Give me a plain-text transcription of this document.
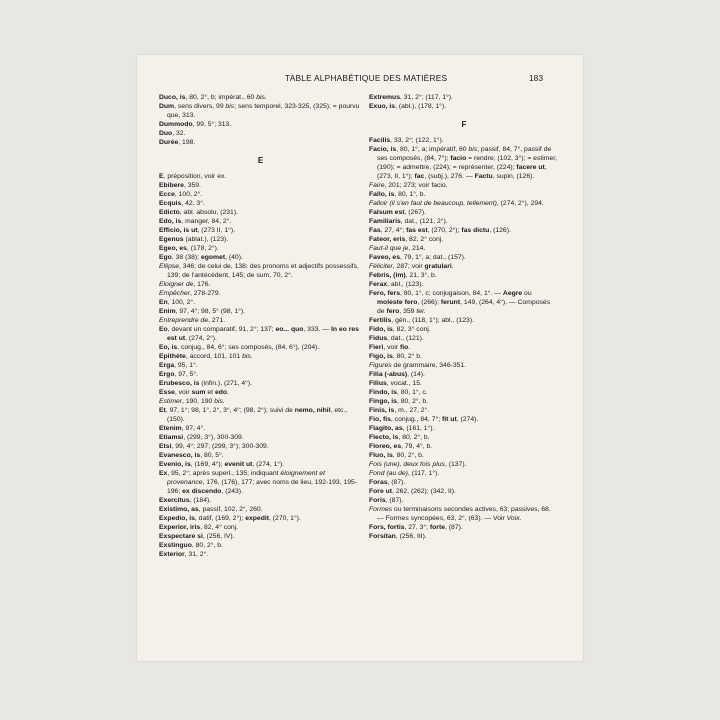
TABLE ALPHABÉTIQUE DES MATIÈRES	183
Duco, is, 80, 2°, b; impérat., 60 bis.
Dum, sens divers, 99 bis; sens temporel, 323-325, (325); = pourvu que, 313.
Dummodo, 99, 5°; 313.
Duo, 32.
Durée, 198.
E
E, préposition, voir ex.
Ebibere, 359.
Ecce, 100, 2°.
Ecquis, 42, 3°.
Edicto, abl. absolu, (231).
Edo, is, manger, 84, 2°.
Efficio, is ut, (273 II, 1°).
Egenus (ablat.), (123).
Egeo, es, (178, 2°).
Ego, 38 (38); egomet, (40).
Ellipse, 346; de celui de, 138; des pronoms et adjectifs possessifs, 139; de l'antécédent, 145; de sum, 70, 2°.
Eloigner de, 176.
Empêcher, 278-279.
En, 100, 2°.
Enim, 97, 4°; 98, 5° (98, 1°).
Entreprendre de, 271.
Eo, devant un comparatif, 91, 2°; 137; eo... quo, 333. — In eo res est ut, (274, 2°).
Eo, is, conjug., 84, 6°; ses composés, (84, 6°), (204).
Epithète, accord, 101, 101 bis.
Erga, 95, 1°.
Ergo, 97, 5°.
Erubesco, is (infin.), (271, 4°).
Esse, voir sum et edo.
Estimer, 190, 190 bis.
Et, 97, 1°; 98, 1°, 2°, 3°, 4°; (98, 2°); suivi de nemo, nihil, etc., (150).
Etenim, 97, 4°.
Etiamsi, (299, 3°), 300-309.
Etsi, 99, 4°; 297; (299, 3°); 300-309.
Evanesco, is, 80, 5°.
Evenio, is, (169, 4°); evenit ut, (274, 1°).
Ex, 95, 2°; après superl., 135; indiquant éloignement et provenance, 176, (176), 177; avec noms de lieu, 192-193, 195-196; ex discendo, (243).
Exercitus, (184).
Existimo, as, passif, 102, 2°, 260.
Expedio, is, datif, (169, 2°); expedit, (270, 1°).
Experior, iris, 82, 4° conj.
Exspectare si, (256, IV).
Exstinguo, 80, 2°, b.
Exterior, 31, 2°.
Extremus, 31, 2°; (117, 1°).
Exuo, is, (abl.), (178, 1°).
F
Facilis, 33, 2°; (122, 1°).
Facio, is, 80, 1°, a; impératif, 60 bis; passif, 84, 7°, passif de ses composés, (84, 7°); facio = rendre; (102, 3°); = estimer, (190); = admettre, (224); = représenter, (224); facere ut, (273, II, 1°); fac, (subj.), 276. — Factu, supin, (126).
Faire, 201; 273; voir facio.
Fallo, is, 80, 1°, b.
Falloir (il s'en faut de beaucoup, tellement), (274, 2°), 294.
Falsum est, (267).
Familiaris, dat., (121, 2°).
Fas, 27, 4°; fas est, (270, 2°); fas dictu, (126).
Fateor, eris, 82, 2° conj.
Faut-il que je, 214.
Faveo, es, 79, 1°, a; dat., (157).
Féliciter, 287; voir gratulari.
Febris, (im), 21, 3°, b.
Ferax, abl., (123).
Fero, fers, 80, 1°, c; conjugaison, 84, 1°. — Aegre ou moleste fero, (266); ferunt, 149, (264, 4°). — Composés de fero, 359 ter.
Fertilis, gén., (118, 1°); abl., (123).
Fido, is, 82, 3° conj.
Fidus, dat., (121).
Fieri, voir fio.
Figo, is, 80, 2° b.
Figures de grammaire, 346-351.
Filia (-abus), (14).
Filius, vocat., 15.
Findo, is, 80, 1°, c.
Fingo, is, 80, 2°, b.
Finis, is, m., 27, 2°.
Fio, fis, conjug., 84, 7°; fit ut, (274).
Flagito, as, (161, 1°).
Flecto, is, 80, 2°, b.
Floreo, es, 79, 4°, b.
Fluo, is, 80, 2°, b.
Fois (une), deux fois plus, (137).
Fond (au de), (117, 1°).
Foras, (87).
Fore ut, 262, (262); (342, II).
Foris, (87).
Formes ou terminaisons secondes actives, 63; passives, 68. — Formes syncopées, 63, 2°, (63). — Voir Voix.
Fors, fortis, 27, 3°; forte, (87).
Forsitan, (256, III).
